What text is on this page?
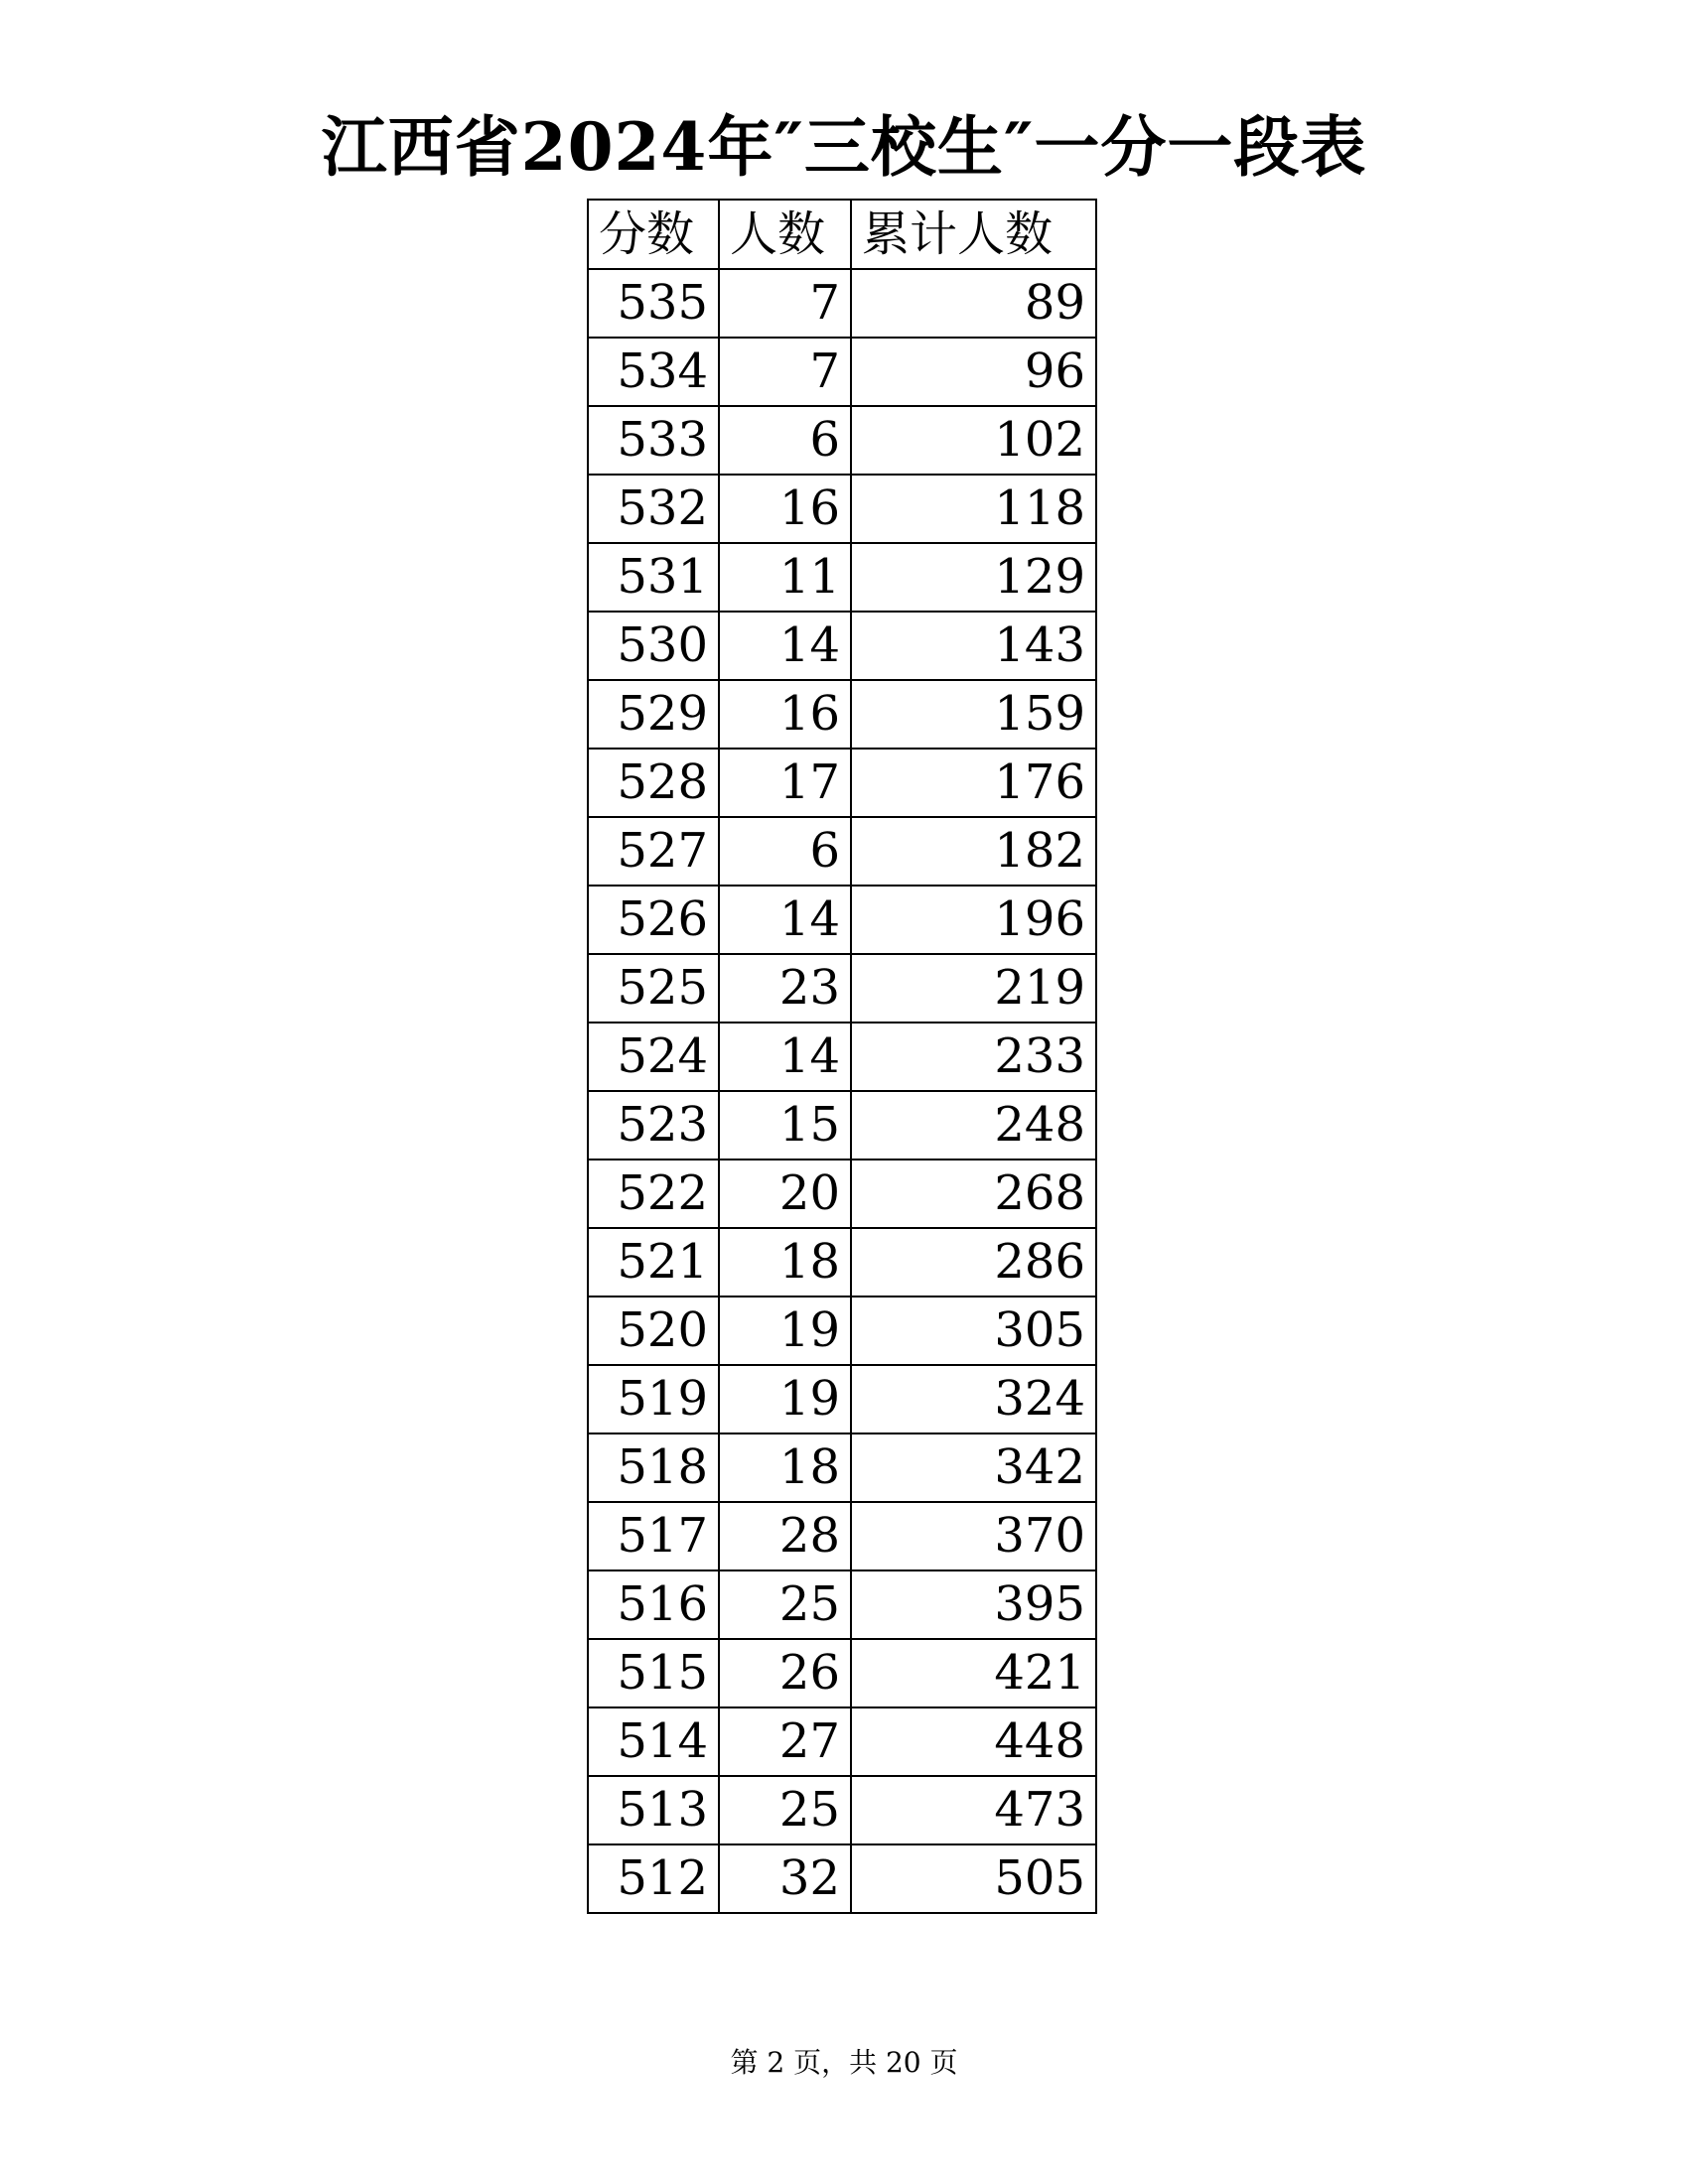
江西省2024年″三校生″一分一段表
分数	人数	累计人数
535	7	89
534	7	96
533	6	102
532	16	118
531	11	129
530	14	143
529	16	159
528	17	176
527	6	182
526	14	196
525	23	219
524	14	233
523	15	248
522	20	268
521	18	286
520	19	305
519	19	324
518	18	342
517	28	370
516	25	395
515	26	421
514	27	448
513	25	473
512	32	505
第 2 页，共 20 页
